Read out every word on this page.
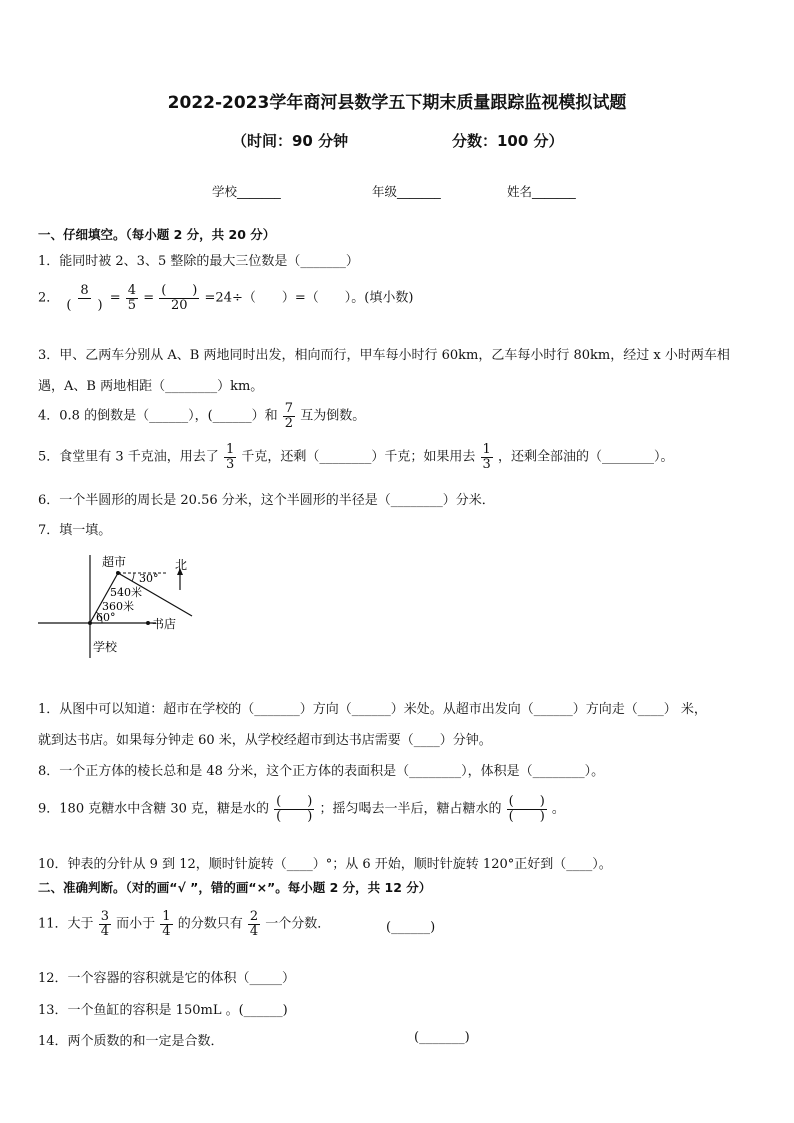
2022-2023学年商河县数学五下期末质量跟踪监视模拟试题
（时间：90 分钟	分数：100 分）
学校_______	年级_______	姓名_______
一、仔细填空。（每小题 2 分，共 20 分）
1．能同时被 2、3、5 整除的最大三位数是（_______）
2． $\frac{8}{( )} = \frac{4}{5} = \frac{( )}{20} =24\div$（　　）=（　　）。(填小数)
3．甲、乙两车分别从 A、B 两地同时出发，相向而行，甲车每小时行 60km，乙车每小时行 80km，经过 x 小时两车相
遇，A、B 两地相距（________）km。
4．0.8 的倒数是（______），(______）和 $\frac{7}{2}$ 互为倒数。
5．食堂里有 3 千克油，用去了 $\frac{1}{3}$ 千克，还剩（________）千克；如果用去 $\frac{1}{3}$ ，还剩全部油的（________）。
6．一个半圆形的周长是 20.56 分米，这个半圆形的半径是（________）分米．
7．填一填。
超市	北
30°
540米
360米
60°	书店
学校
1．从图中可以知道：超市在学校的（_______）方向（______）米处。从超市出发向（______）方向走（____） 米，
就到达书店。如果每分钟走 60 米，从学校经超市到达书店需要（____）分钟。
8．一个正方体的棱长总和是 48 分米，这个正方体的表面积是（________），体积是（________）。
9．180 克糖水中含糖 30 克，糖是水的 $\frac{( )}{( )}$ ；摇匀喝去一半后，糖占糖水的 $\frac{( )}{( )}$ 。
10．钟表的分针从 9 到 12，顺时针旋转（____）°；从 6 开始，顺时针旋转 120°正好到（____）。
二、准确判断。（对的画“√ ”，错的画“×”。每小题 2 分，共 12 分）
11．大于 $\frac{3}{4}$ 而小于 $\frac{1}{4}$ 的分数只有 $\frac{2}{4}$ 一个分数．	(______)
12．一个容器的容积就是它的体积（_____）
13．一个鱼缸的容积是 150mL 。(______)
14．两个质数的和一定是合数．	(_______)
